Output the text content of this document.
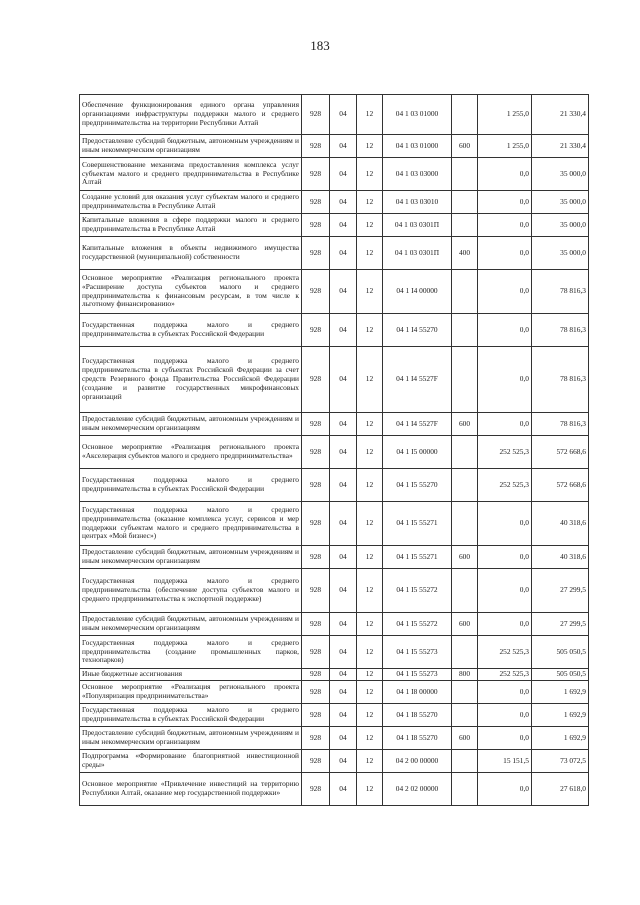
183
Обеспечение функционирования единого органа управления организациями инфраструктуры поддержки малого и среднего предпринимательства на территории Республики Алтай	928	04	12	04 1 03 01000		1 255,0	21 330,4
Предоставление субсидий бюджетным, автономным учреждениям и иным некоммерческим организациям	928	04	12	04 1 03 01000	600	1 255,0	21 330,4
Совершенствование механизма предоставления комплекса услуг субъектам малого и среднего предпринимательства в Республике Алтай	928	04	12	04 1 03 03000		0,0	35 000,0
Создание условий для оказания услуг субъектам малого и среднего предпринимательства в Республике Алтай	928	04	12	04 1 03 03010		0,0	35 000,0
Капитальные вложения в сфере поддержки малого и среднего предпринимательства в Республике Алтай	928	04	12	04 1 03 0301П		0,0	35 000,0
Капитальные вложения в объекты недвижимого имущества государственной (муниципальной) собственности	928	04	12	04 1 03 0301П	400	0,0	35 000,0
Основное мероприятие «Реализация регионального проекта «Расширение доступа субъектов малого и среднего предпринимательства к финансовым ресурсам, в том числе к льготному финансированию»	928	04	12	04 1 I4 00000		0,0	78 816,3
Государственная поддержка малого и среднего предпринимательства в субъектах Российской Федерации	928	04	12	04 1 I4 55270		0,0	78 816,3
Государственная поддержка малого и среднего предпринимательства в субъектах Российской Федерации за счет средств Резервного фонда Правительства Российской Федерации (создание и развитие государственных микрофинансовых организаций	928	04	12	04 1 I4 5527F		0,0	78 816,3
Предоставление субсидий бюджетным, автономным учреждениям и иным некоммерческим организациям	928	04	12	04 1 I4 5527F	600	0,0	78 816,3
Основное мероприятие «Реализация регионального проекта «Акселерация субъектов малого и среднего предпринимательства»	928	04	12	04 1 I5 00000		252 525,3	572 668,6
Государственная поддержка малого и среднего предпринимательства в субъектах Российской Федерации	928	04	12	04 1 I5 55270		252 525,3	572 668,6
Государственная поддержка малого и среднего предпринимательства (оказание комплекса услуг, сервисов и мер поддержки субъектам малого и среднего предпринимательства в центрах «Мой бизнес»)	928	04	12	04 1 I5 55271		0,0	40 318,6
Предоставление субсидий бюджетным, автономным учреждениям и иным некоммерческим организациям	928	04	12	04 1 I5 55271	600	0,0	40 318,6
Государственная поддержка малого и среднего предпринимательства (обеспечение доступа субъектов малого и среднего предпринимательства к экспортной поддержке)	928	04	12	04 1 I5 55272		0,0	27 299,5
Предоставление субсидий бюджетным, автономным учреждениям и иным некоммерческим организациям	928	04	12	04 1 I5 55272	600	0,0	27 299,5
Государственная поддержка малого и среднего предпринимательства (создание промышленных парков, технопарков)	928	04	12	04 1 I5 55273		252 525,3	505 050,5
Иные бюджетные ассигнования	928	04	12	04 1 I5 55273	800	252 525,3	505 050,5
Основное мероприятие «Реализация регионального проекта «Популяризация предпринимательства»	928	04	12	04 1 I8 00000		0,0	1 692,9
Государственная поддержка малого и среднего предпринимательства в субъектах Российской Федерации	928	04	12	04 1 I8 55270		0,0	1 692,9
Предоставление субсидий бюджетным, автономным учреждениям и иным некоммерческим организациям	928	04	12	04 1 I8 55270	600	0,0	1 692,9
Подпрограмма «Формирование благоприятной инвестиционной среды»	928	04	12	04 2 00 00000		15 151,5	73 072,5
Основное мероприятие «Привлечение инвестиций на территорию Республики Алтай, оказание мер государственной поддержки»	928	04	12	04 2 02 00000		0,0	27 618,0
